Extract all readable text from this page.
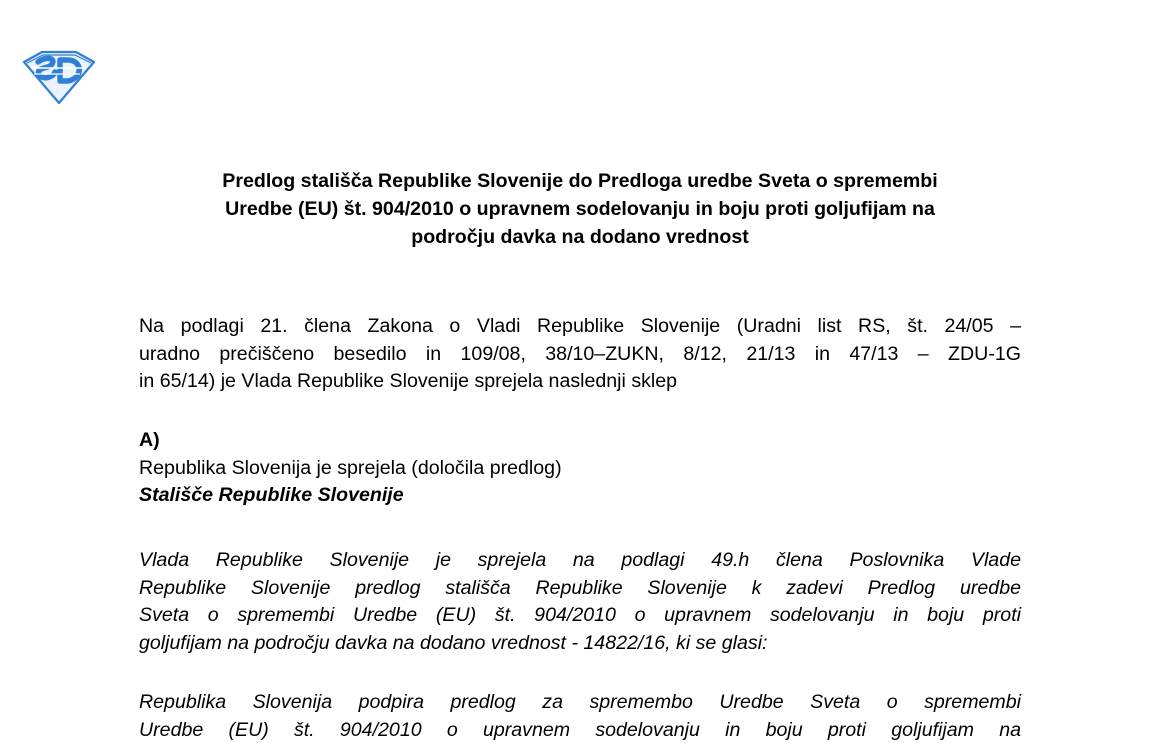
Predlog stališča Republike Slovenije do Predloga uredbe Sveta o spremembi
Uredbe (EU) št. 904/2010 o upravnem sodelovanju in boju proti goljufijam na
področju davka na dodano vrednost
Na podlagi 21. člena Zakona o Vladi Republike Slovenije (Uradni list RS, št. 24/05 –
uradno prečiščeno besedilo in 109/08, 38/10–ZUKN, 8/12, 21/13 in 47/13 – ZDU-1G
in 65/14) je Vlada Republike Slovenije sprejela naslednji sklep
A)
Republika Slovenija je sprejela (določila predlog)
Stališče Republike Slovenije
Vlada Republike Slovenije je sprejela na podlagi 49.h člena Poslovnika Vlade
Republike Slovenije predlog stališča Republike Slovenije k zadevi Predlog uredbe
Sveta o spremembi Uredbe (EU) št. 904/2010 o upravnem sodelovanju in boju proti
goljufijam na področju davka na dodano vrednost - 14822/16, ki se glasi:
Republika Slovenija podpira predlog za spremembo Uredbe Sveta o spremembi
Uredbe (EU) št. 904/2010 o upravnem sodelovanju in boju proti goljufijam na
